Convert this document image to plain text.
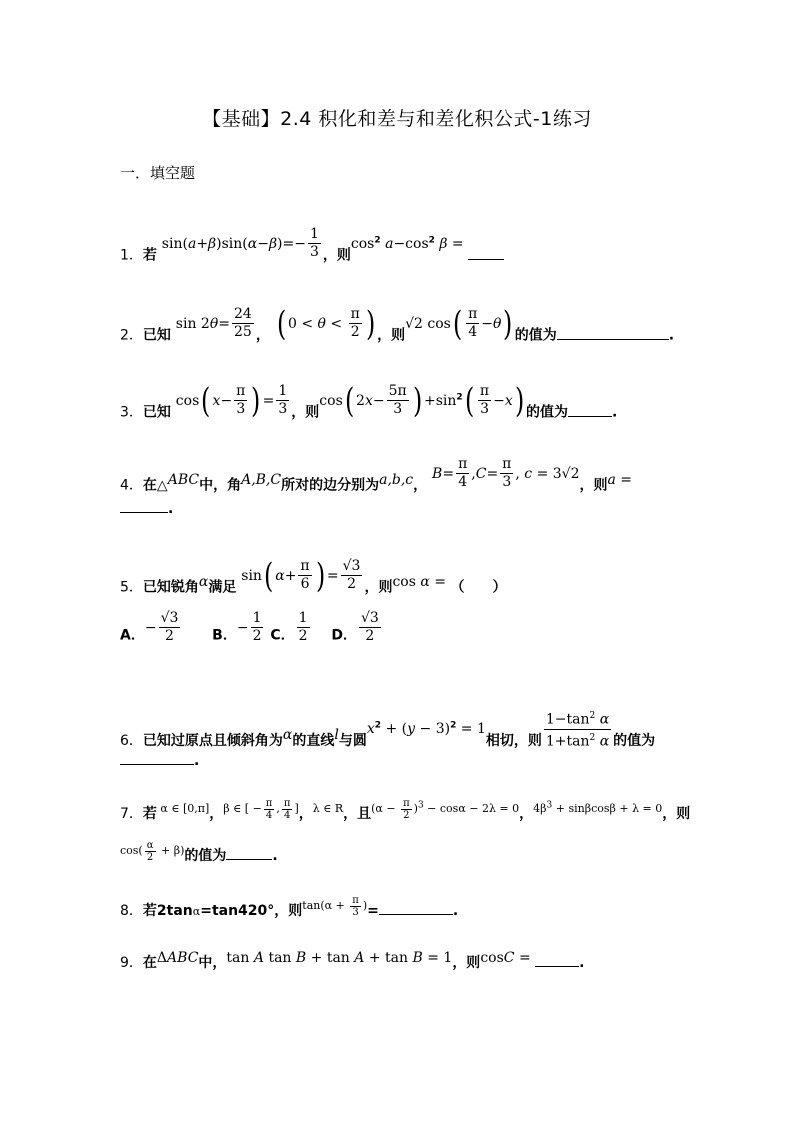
【基础】2.4 积化和差与和差化积公式-1练习
一．填空题
1．若 $\sin(a+\beta)\sin(\alpha-\beta)=- \frac{1}{3}$ ，则$\cos^2 a-\cos^2$ β =
2．已知 $\sin 2\theta= \frac{24}{25}$ ， ( $0 < \theta < \frac{\pi}{2}$ ) ，则√2 $\cos( \frac{\pi}{4} -\theta)$ 的值为	.
3．已知 cos( $x- \frac{\pi}{3}$ ) = $\frac{1}{3}$ ，则cos( $2x- \frac{5\pi}{3}$ ) $+\sin^2( \frac{\pi}{3} -x)$ 的值为	.
4．在△ABC中，角A,B,C所对的边分别为a,b,c， $B= \frac{\pi}{4} ,C= \frac{\pi}{3}$ , c = 3√2，则a =
.
5．已知锐角α满足 sin( $\alpha+ \frac{\pi}{6}$ ) = $\frac{√3}{2}$ ，则cos α = （　　）
A．− $\frac{√3}{2}$ B．− $\frac{1}{2}$ C． $\frac{1}{2}$ D． $\frac{√3}{2}$
6．已知过原点且倾斜角为α的直线l与圆$x^2 + (y - 3)^2 = 1$相切，则 $\frac{1-\tan^2 \alpha}{1+\tan^2 \alpha}$ 的值为
.
7．若 $^{\alpha \in [0,\pi]}$，$^{\beta \in [ - \frac{\pi}{4} , \frac{\pi}{4} ]}$，$^{\lambda \in R}$，且$^{(\alpha - \frac{\pi}{2} )^3 - cos\alpha - 2\lambda = 0}$，$^{4\beta^3 + sin\beta cos\beta + \lambda = 0}$，则
$^{cos( \frac{\alpha}{2} + \beta)}$的值为	.
8．若2tanα=tan420°，则$^{tan(\alpha + \frac{\pi}{3} )}$=	.
9．在ΔABC中，tan A tan B + tan A + tan B = 1，则cosC =	.
